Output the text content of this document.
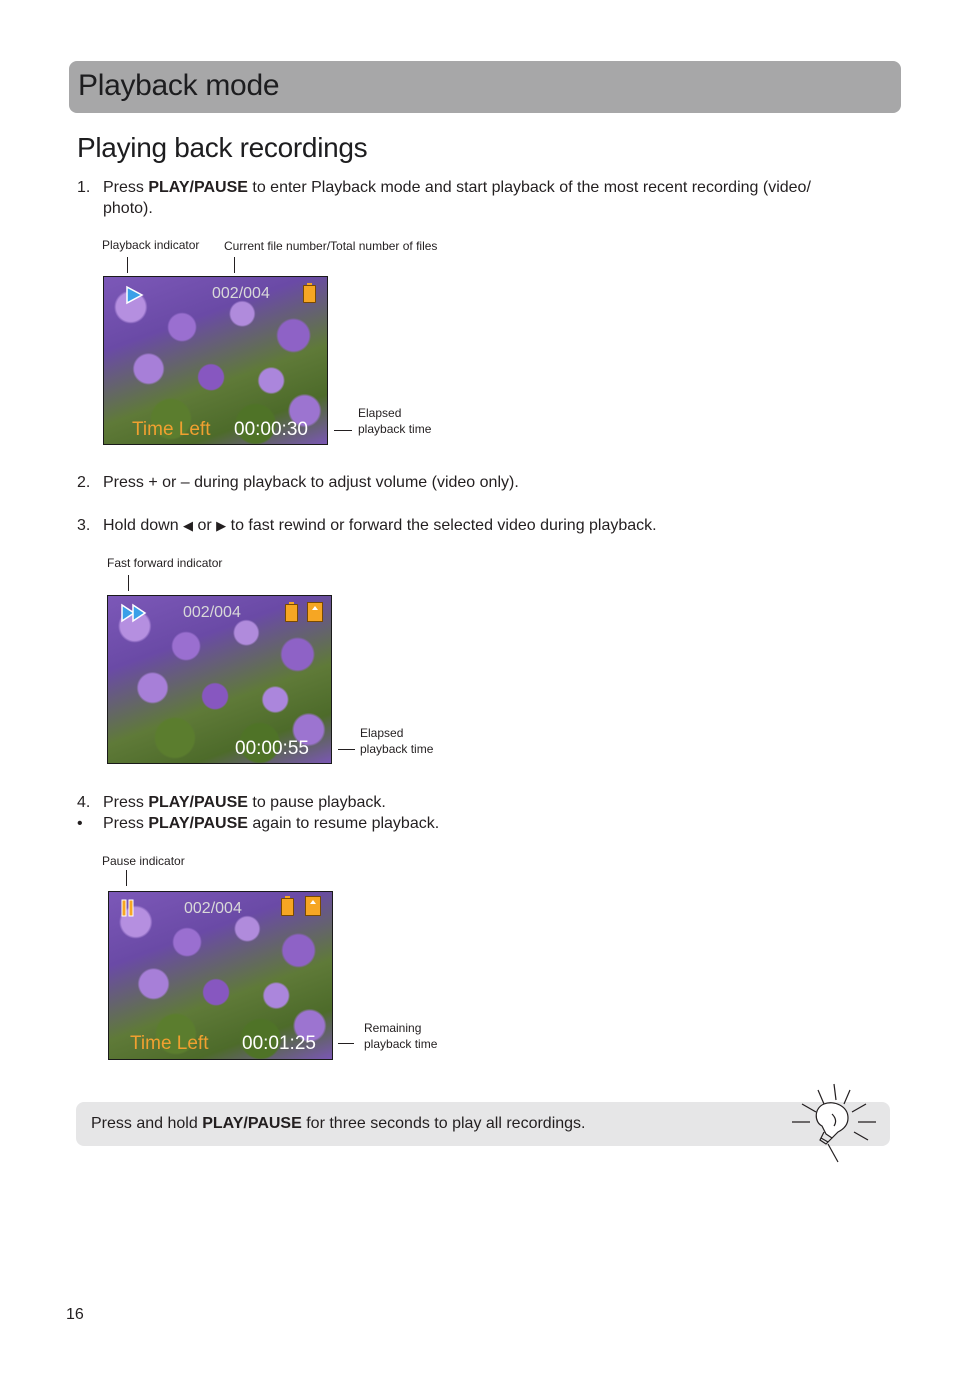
Playback mode
Playing back recordings
1. Press PLAY/PAUSE to enter Playback mode and start playback of the most recent recording (video/
photo).
Playback indicator Current file number/Total number of files
002/004
Time Left 00:00:30
Elapsed
playback time
2. Press + or – during playback to adjust volume (video only).
3. Hold down ◀ or ▶ to fast rewind or forward the selected video during playback.
Fast forward indicator
002/004
00:00:55
Elapsed
playback time
4. Press PLAY/PAUSE to pause playback.
• Press PLAY/PAUSE again to resume playback.
Pause indicator
002/004
Time Left 00:01:25
Remaining
playback time
Press and hold PLAY/PAUSE for three seconds to play all recordings.
16
